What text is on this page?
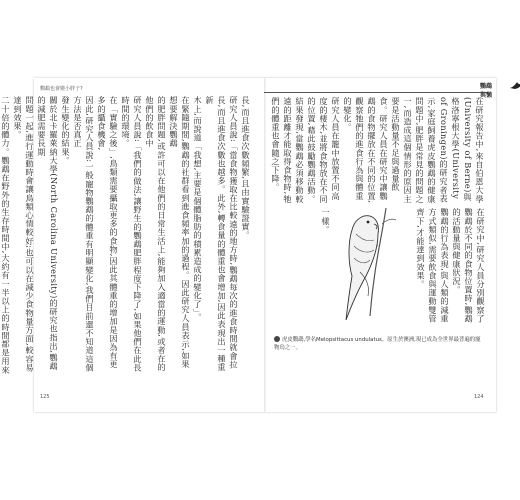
鸚鵡也會變小胖子?	鸚鵡與懶
長,而且進食次數頻繁,且由實驗證實。
研究人員說:「當食物獲取在比較遠的地方時,鸚鵡每次的進食時間就會拉
長,而且進食次數也越多。此外,轉食量的體重也會增加,因此表現出一種重新
木上,而說道「我想,主要是個體脂肪的積累造成的變化了」。
在緊隨期間,鸚鵡的社群看到進食頻率加的過程。因此研究人員表示,如果想要解決鸚鵡
的肥胖問題,或許可以在他們的日常生活上,能夠加入適當的運動,或者在的他們的飲食中
研究人員說:「我們的做法,讓野生的鸚鵡肥胖程度下降了,如果他們在此長時間的環境。
在「實驗之後」,鳥類需要攝取更多的食物,因此其體重的增加是因為有更多的攝食機會,
因此,研究人員說:一般寵物鸚鵡的體重有明顯變化,我們目前還不知道這個方法是否真正
發生變化的結果。
關於北卡羅萊納大學(North Carolina University)的研究也指出,鸚鵡的減肥需要長期
問題一起,進行運動時會讓鳥類心情較好;也可以在減少食物量方面,較容易達到效果。
二十倍的體力。鸚鵡在野外的生存時間中,大約有一半以上的時間都是用來
在研究報告中,來自伯恩大學(University of Berne)與格洛寧根大學(University of Groningen)的研究者表示,家庭飼養虎皮鸚鵡的健康問題中,肥胖是常見的問題之一,而造成這個情形的原因主要是活動量不足與過量飲食。研究人員在研究中讓鸚鵡的食物擺放在不同的位置,觀察牠們的進食行為與體重的變化。
研究人員在籠中放置不同高度的棲木,並將食物放在不同的位置,藉此鼓勵鸚鵡活動。結果發現,當鸚鵡必須移動較遠的距離才能取得食物時,牠們的體重也會隨之下降。
在研究中,研究人員分別觀察了鸚鵡於不同的食物位置時,鸚鵡的活動量與健康狀況。
鸚鵡的行為表現,與人類的減重方式類似,需要飲食與運動雙管齊下,才能達到效果。
一樣。
虎皮鸚鵡,學名Melopsittacus undulatus。原生於澳洲,現已成為全世界最普遍的寵物鳥之一。
125	124
